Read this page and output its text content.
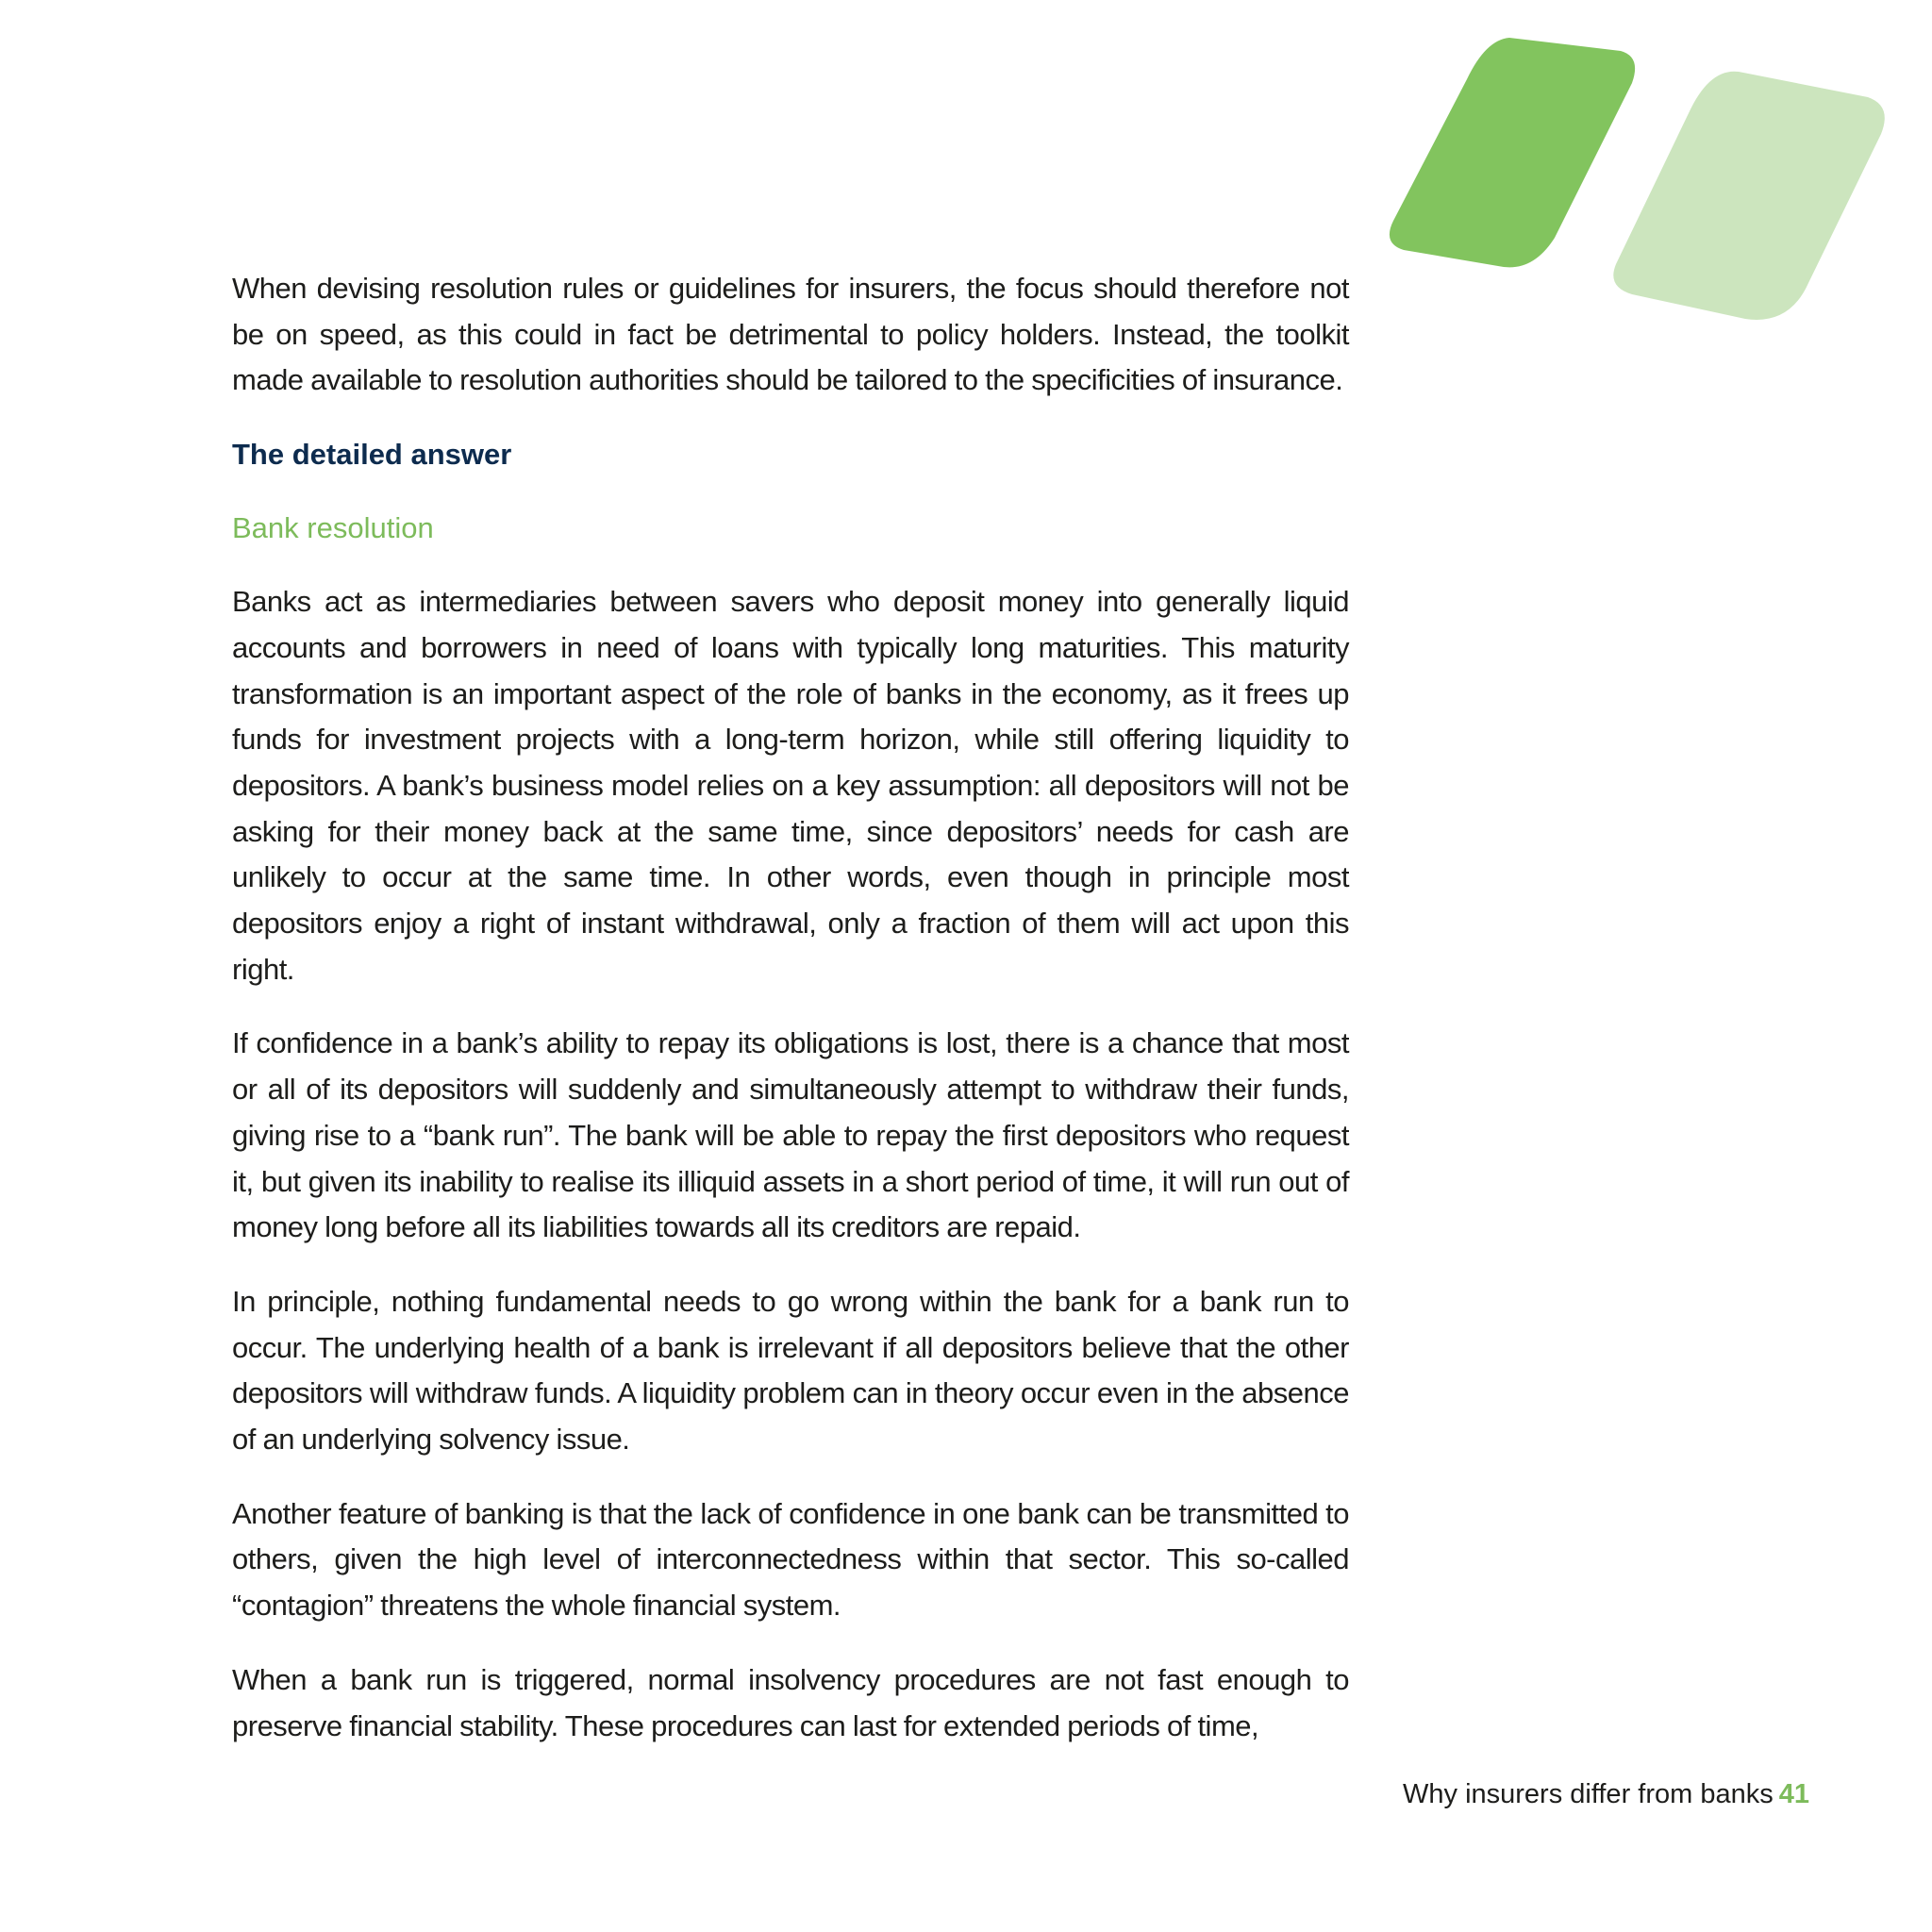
When devising resolution rules or guidelines for insurers, the focus should therefore not be on speed, as this could in fact be detrimental to policy holders. Instead, the toolkit made available to resolution authorities should be tailored to the specificities of insurance.

The detailed answer
Bank resolution

Banks act as intermediaries between savers who deposit money into generally liquid accounts and borrowers in need of loans with typically long maturities. This maturity transformation is an important aspect of the role of banks in the economy, as it frees up funds for investment projects with a long-term horizon, while still offering liquidity to depositors. A bank’s business model relies on a key assumption: all depositors will not be asking for their money back at the same time, since depositors’ needs for cash are unlikely to occur at the same time. In other words, even though in principle most depositors enjoy a right of instant withdrawal, only a fraction of them will act upon this right.

If confidence in a bank’s ability to repay its obligations is lost, there is a chance that most or all of its depositors will suddenly and simultaneously attempt to withdraw their funds, giving rise to a “bank run”. The bank will be able to repay the first depositors who request it, but given its inability to realise its illiquid assets in a short period of time, it will run out of money long before all its liabilities towards all its creditors are repaid.

In principle, nothing fundamental needs to go wrong within the bank for a bank run to occur. The underlying health of a bank is irrelevant if all depositors believe that the other depositors will withdraw funds. A liquidity problem can in theory occur even in the absence of an underlying solvency issue.

Another feature of banking is that the lack of confidence in one bank can be transmitted to others, given the high level of interconnectedness within that sector. This so-called “contagion” threatens the whole financial system.

When a bank run is triggered, normal insolvency procedures are not fast enough to preserve financial stability. These procedures can last for extended periods of time,

Why insurers differ from banks 41
